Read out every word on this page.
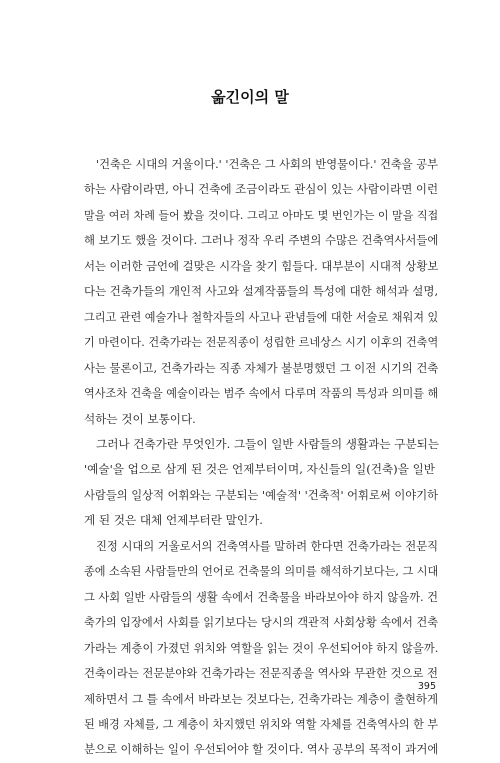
옮긴이의 말

'건축은 시대의 거울이다.' '건축은 그 사회의 반영물이다.' 건축을 공부
하는 사람이라면, 아니 건축에 조금이라도 관심이 있는 사람이라면 이런
말을 여러 차례 들어 봤을 것이다. 그리고 아마도 몇 번인가는 이 말을 직접
해 보기도 했을 것이다. 그러나 정작 우리 주변의 수많은 건축역사서들에
서는 이러한 금언에 걸맞은 시각을 찾기 힘들다. 대부분이 시대적 상황보
다는 건축가들의 개인적 사고와 설계작품들의 특성에 대한 해석과 설명,
그리고 관련 예술가나 철학자들의 사고나 관념들에 대한 서술로 채워져 있
기 마련이다. 건축가라는 전문직종이 성립한 르네상스 시기 이후의 건축역
사는 물론이고, 건축가라는 직종 자체가 불분명했던 그 이전 시기의 건축
역사조차 건축을 예술이라는 범주 속에서 다루며 작품의 특성과 의미를 해
석하는 것이 보통이다.

그러나 건축가란 무엇인가. 그들이 일반 사람들의 생활과는 구분되는
'예술'을 업으로 삼게 된 것은 언제부터이며, 자신들의 일(건축)을 일반
사람들의 일상적 어휘와는 구분되는 '예술적' '건축적' 어휘로써 이야기하
게 된 것은 대체 언제부터란 말인가.

진정 시대의 거울로서의 건축역사를 말하려 한다면 건축가라는 전문직
종에 소속된 사람들만의 언어로 건축물의 의미를 해석하기보다는, 그 시대
그 사회 일반 사람들의 생활 속에서 건축물을 바라보아야 하지 않을까. 건
축가의 입장에서 사회를 읽기보다는 당시의 객관적 사회상황 속에서 건축
가라는 계층이 가졌던 위치와 역할을 읽는 것이 우선되어야 하지 않을까.
건축이라는 전문분야와 건축가라는 전문직종을 역사와 무관한 것으로 전
제하면서 그 틀 속에서 바라보는 것보다는, 건축가라는 계층이 출현하게
된 배경 자체를, 그 계층이 차지했던 위치와 역할 자체를 건축역사의 한 부
분으로 이해하는 일이 우선되어야 할 것이다. 역사 공부의 목적이 과거에

395
